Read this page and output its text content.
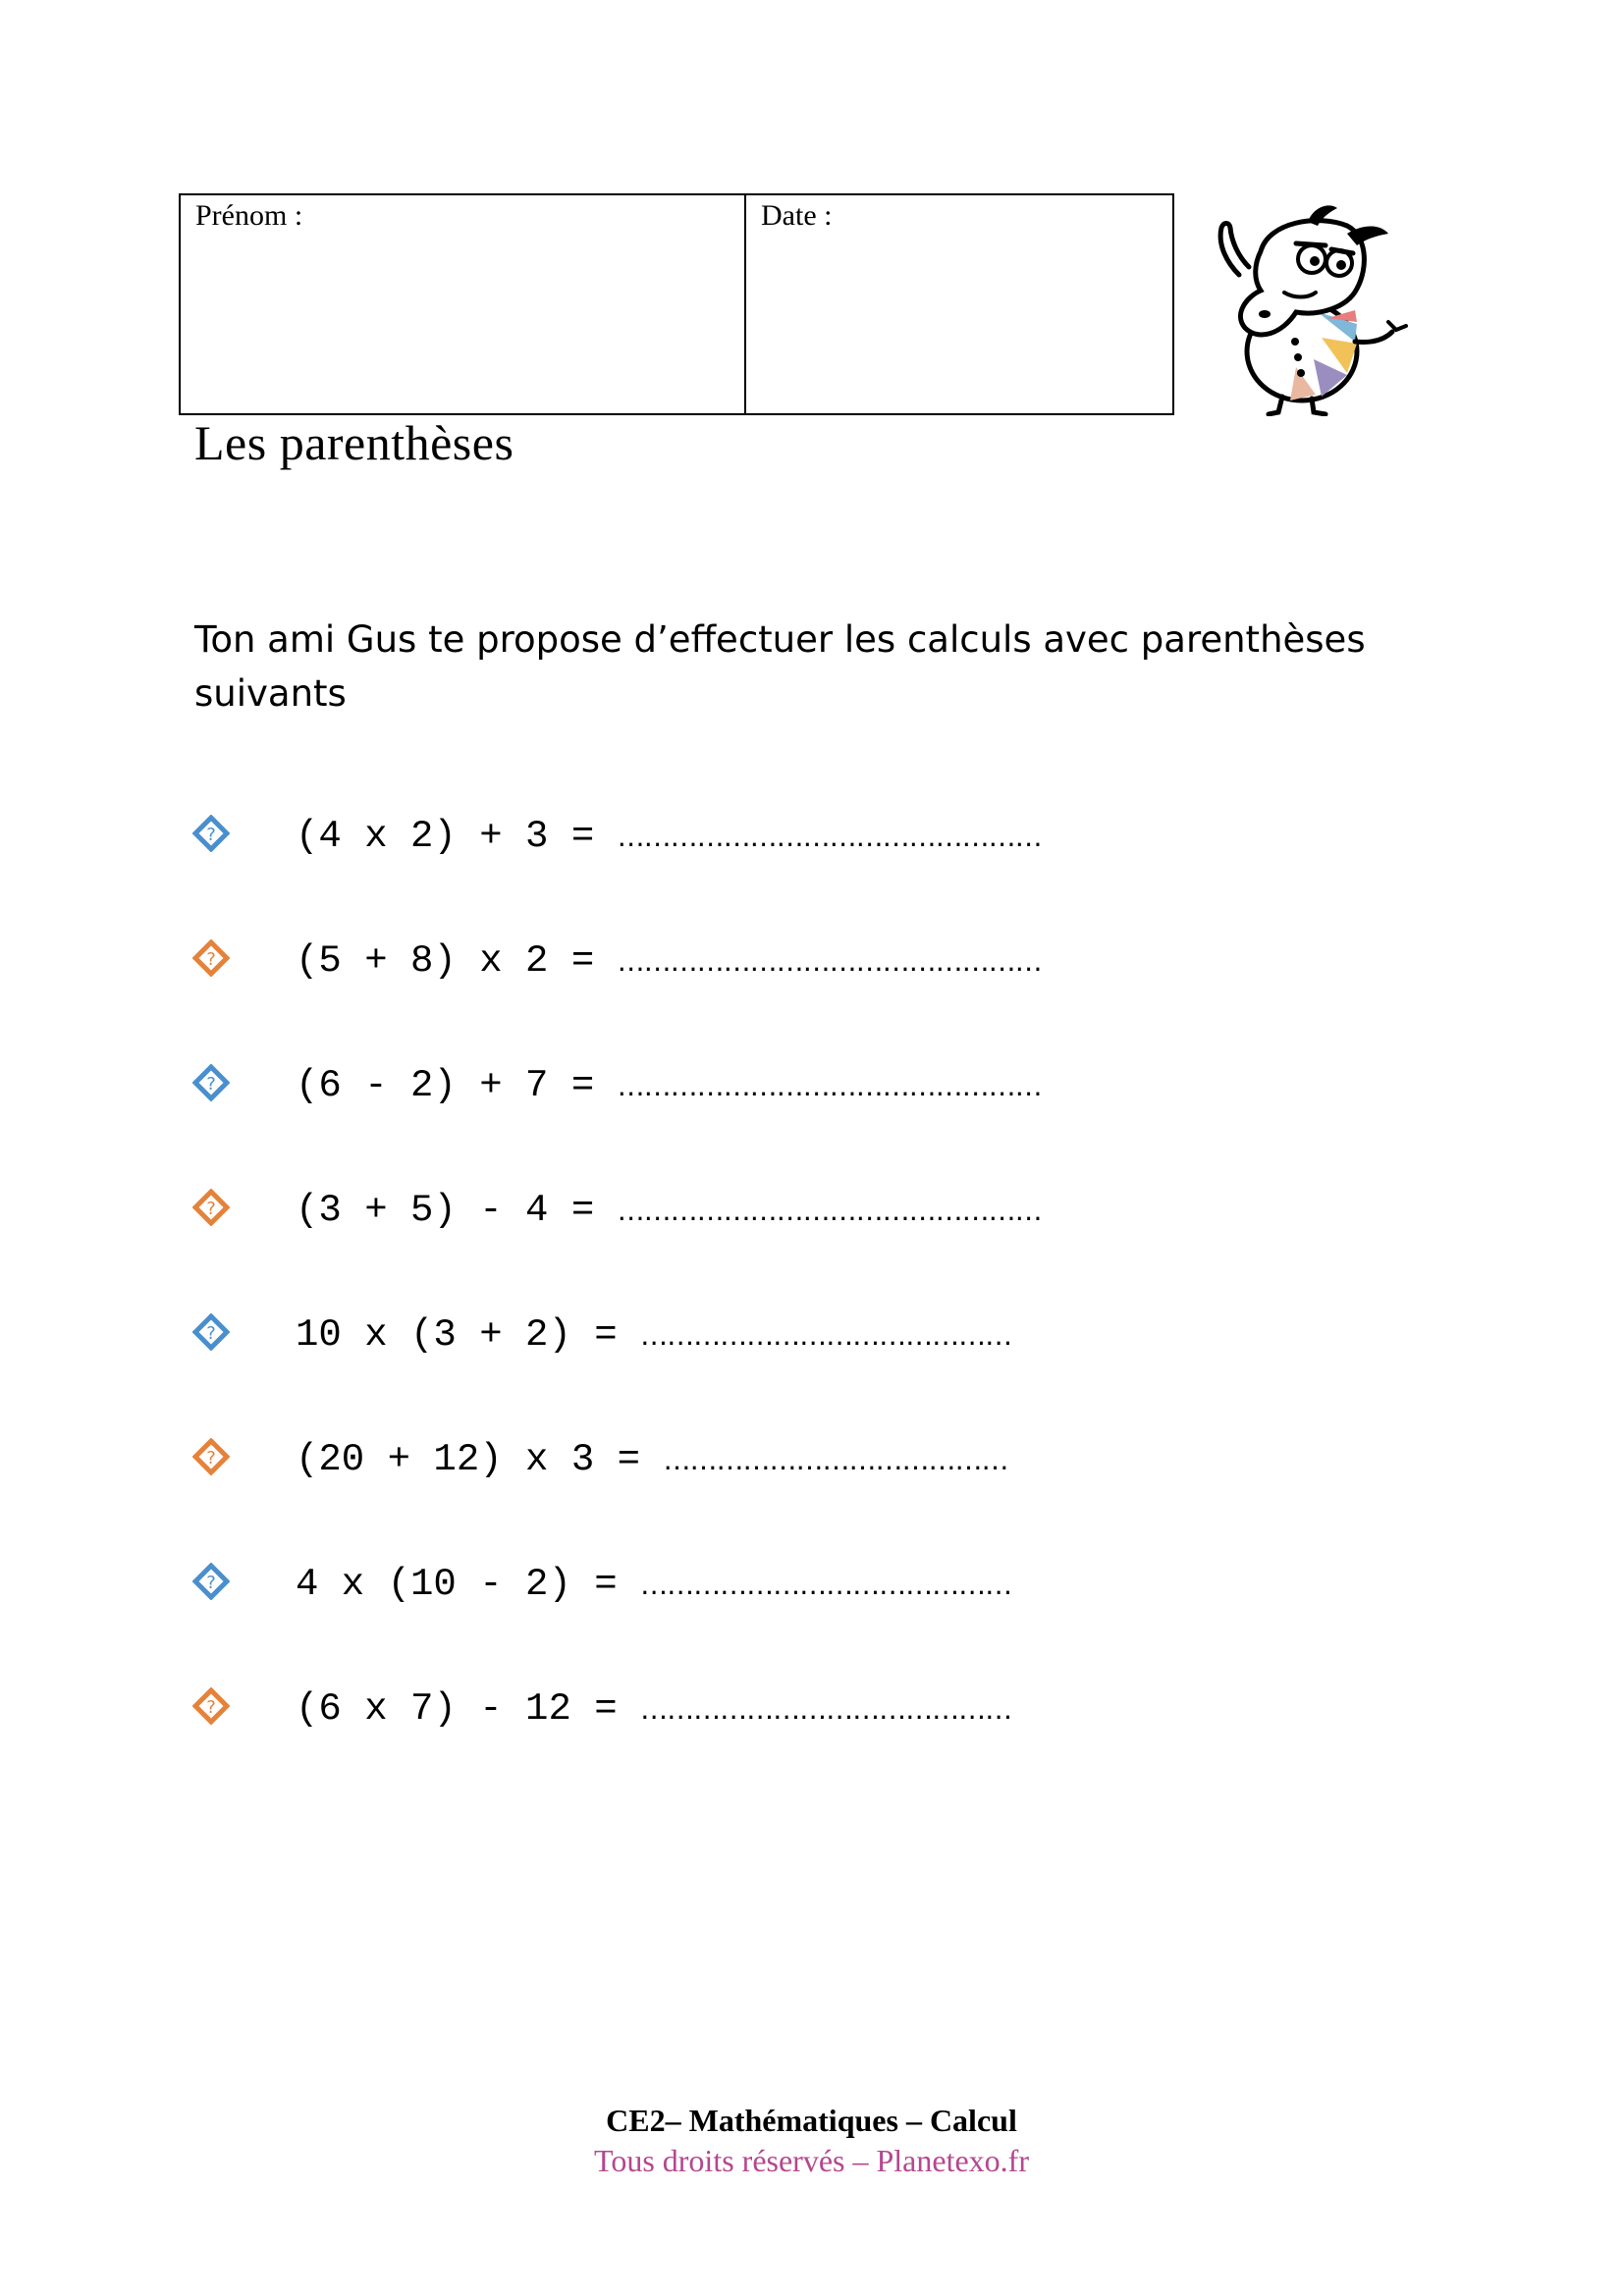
Prénom :	Date :
Les parenthèses
Ton ami Gus te propose d’effectuer les calculs avec parenthèses suivants
? (4 x 2) + 3 = …………………………………………
? (5 + 8) x 2 = …………………………………………
? (6 - 2) + 7 = …………………………………………
? (3 + 5) - 4 = …………………………………………
? 10 x (3 + 2) = ……………………………………
? (20 + 12) x 3 = …………………………………
? 4 x (10 - 2) = ……………………………………
? (6 x 7) - 12 = ……………………………………
CE2– Mathématiques – Calcul
Tous droits réservés – Planetexo.fr
